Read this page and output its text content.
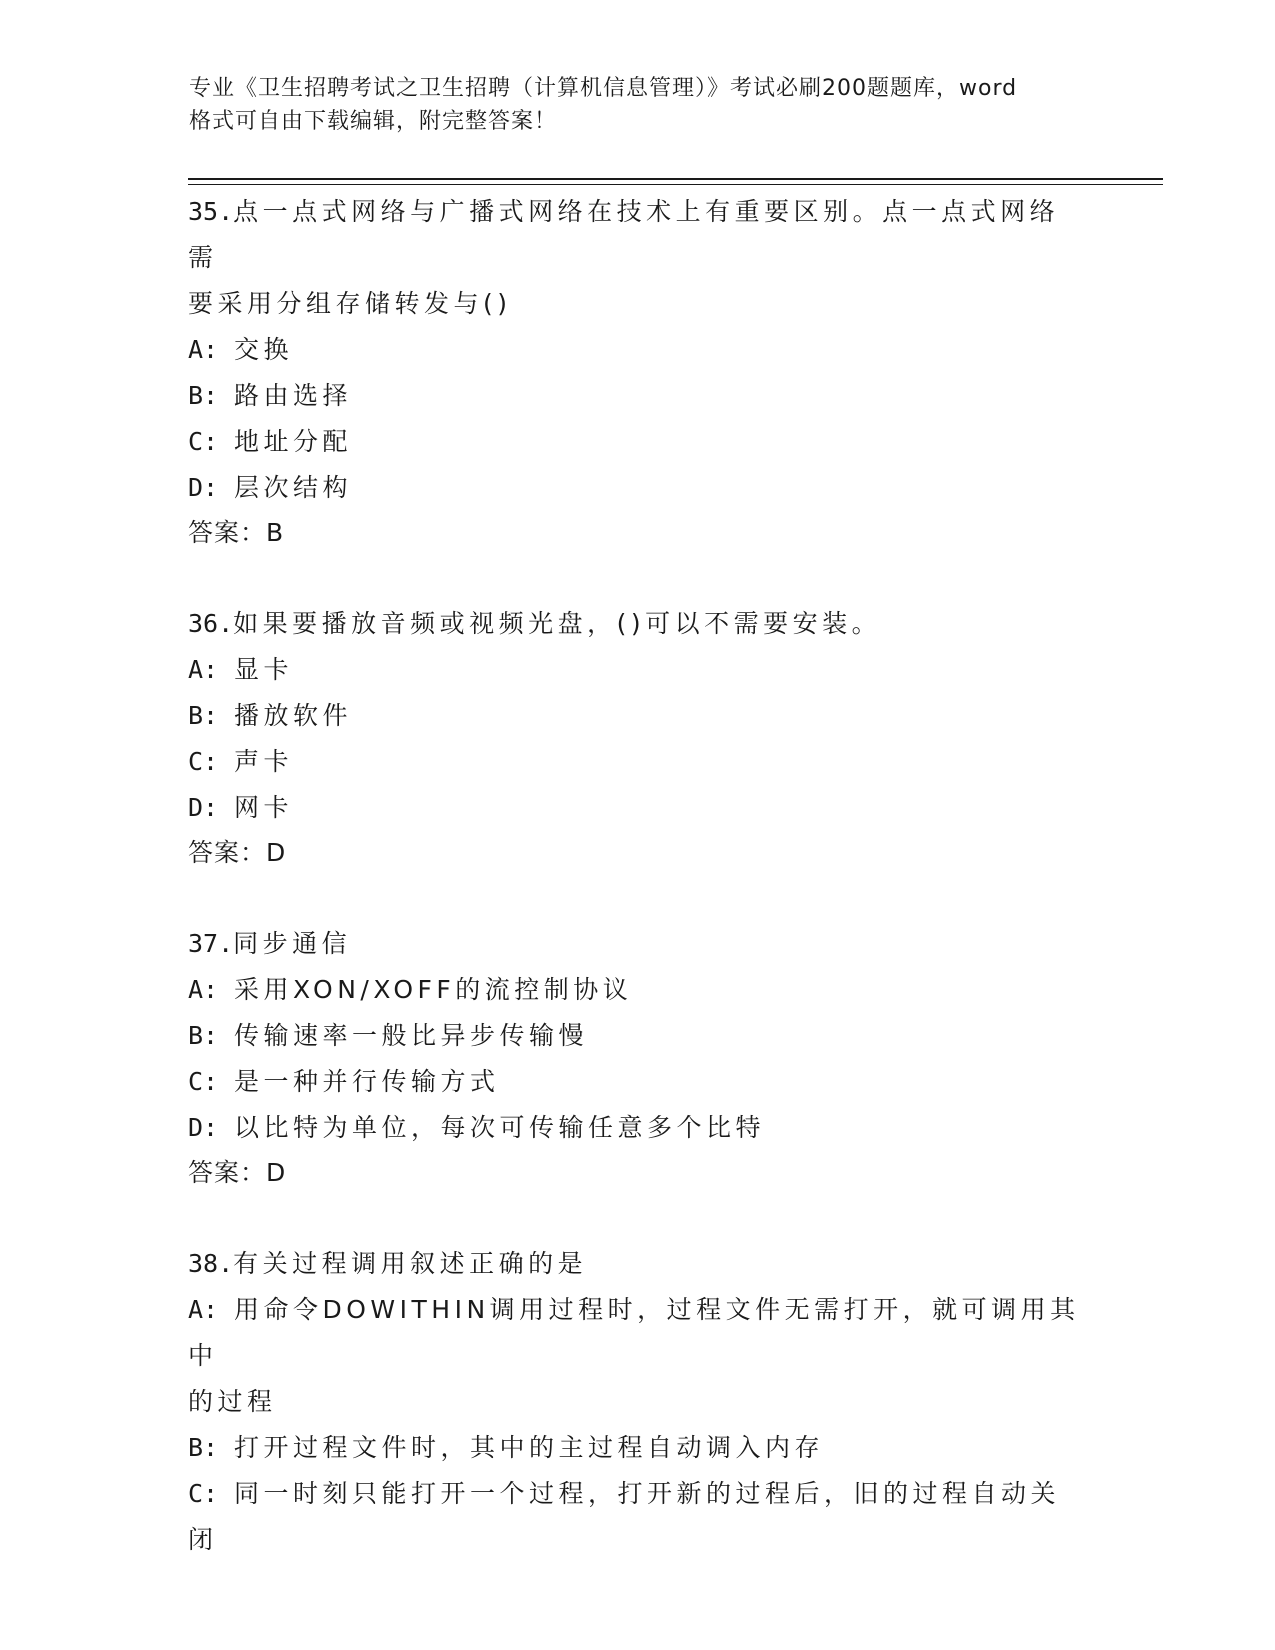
专业《卫生招聘考试之卫生招聘（计算机信息管理）》考试必刷200题题库，word
格式可自由下载编辑，附完整答案！

35.点一点式网络与广播式网络在技术上有重要区别。点一点式网络需

要采用分组存储转发与()

A: 交换

B: 路由选择

C: 地址分配

D: 层次结构

答案：B

36.如果要播放音频或视频光盘，()可以不需要安装。

A: 显卡

B: 播放软件

C: 声卡

D: 网卡

答案：D

37.同步通信

A: 采用XON/XOFF的流控制协议

B: 传输速率一般比异步传输慢

C: 是一种并行传输方式

D: 以比特为单位，每次可传输任意多个比特

答案：D

38.有关过程调用叙述正确的是

A: 用命令DOWITHIN调用过程时，过程文件无需打开，就可调用其中

的过程

B: 打开过程文件时，其中的主过程自动调入内存

C: 同一时刻只能打开一个过程，打开新的过程后，旧的过程自动关闭
